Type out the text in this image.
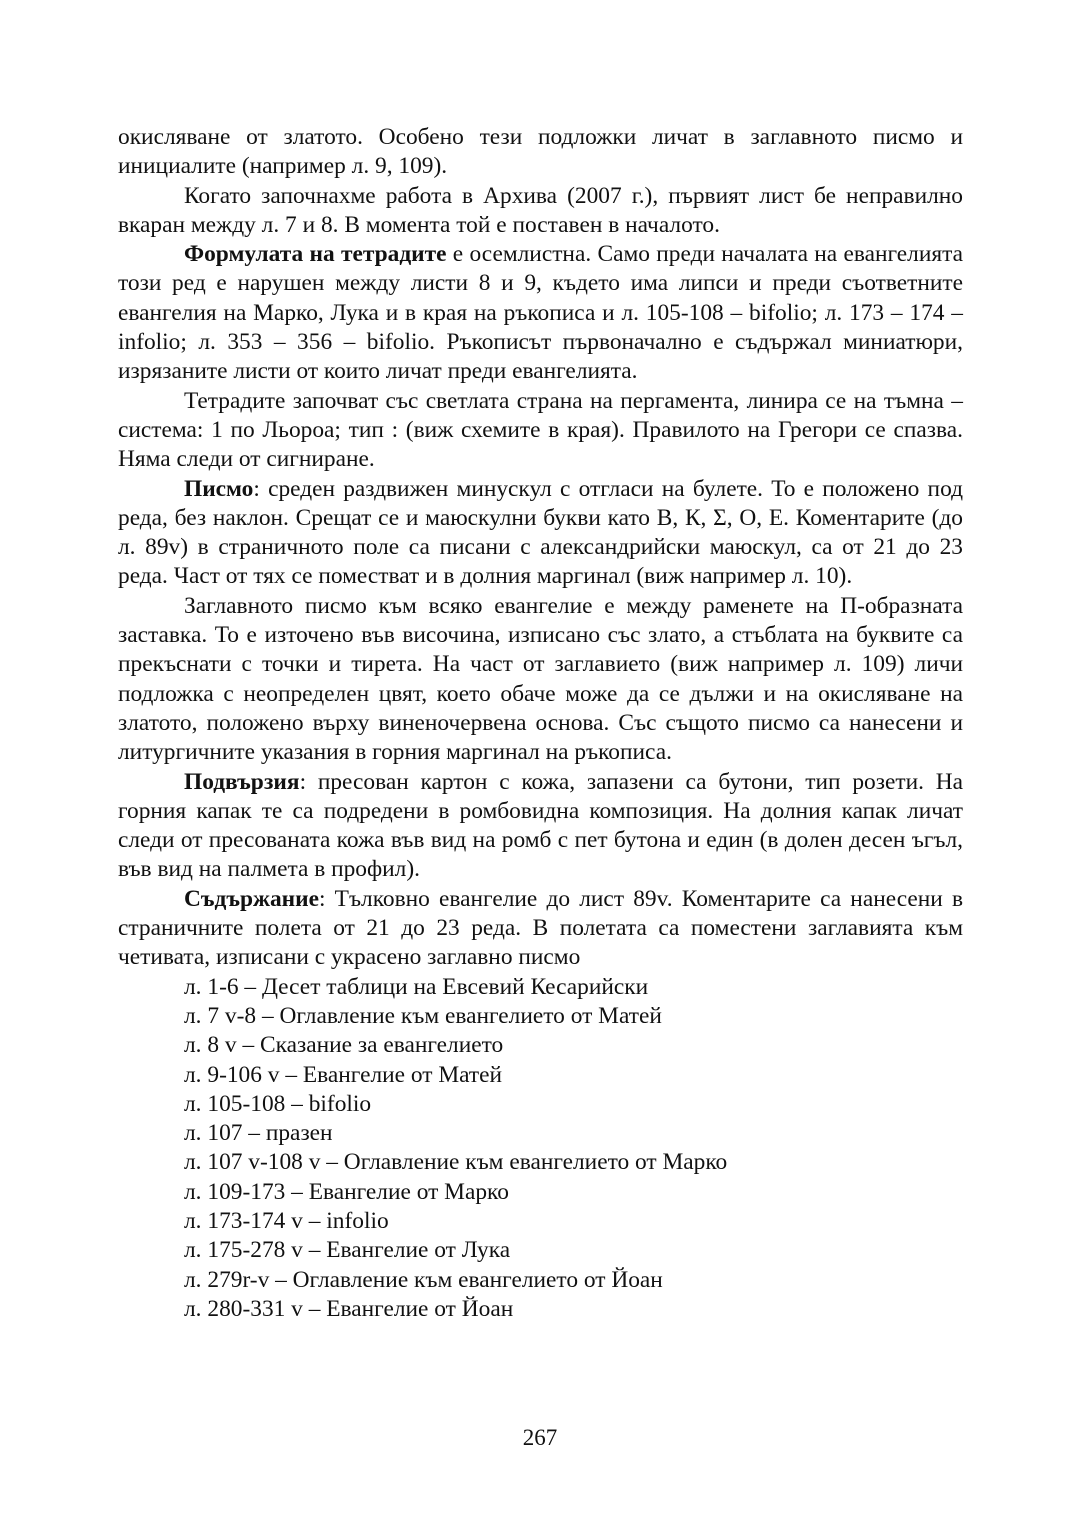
окисляване от златото. Особено тези подложки личат в заглавното писмо и инициалите (например л. 9, 109).

Когато започнахме работа в Архива (2007 г.), първият лист бе неправилно вкаран между л. 7 и 8. В момента той е поставен в началото.

Формулата на тетрадите е осемлистна. Само преди началата на евангелията този ред е нарушен между листи 8 и 9, където има липси и преди съответните евангелия на Марко, Лука и в края на ръкописа и л. 105-108 – bifolio; л. 173 – 174 – infolio; л. 353 – 356 – bifolio. Ръкописът първоначално е съдържал миниатюри, изрязаните листи от които личат преди евангелията.

Тетрадите започват със светлата страна на пергамента, линира се на тъмна – система: 1 по Льороа; тип : (виж схемите в края). Правилото на Грегори се спазва. Няма следи от сигниране.

Писмо: среден раздвижен минускул с отгласи на булете. То е положено под реда, без наклон. Срещат се и маюскулни букви като В, К, Σ, О, Е. Коментарите (до л. 89v) в страничното поле са писани с александрийски маюскул, са от 21 до 23 реда. Част от тях се поместват и в долния маргинал (виж например л. 10).

Заглавното писмо към всяко евангелие е между раменете на П-образната заставка. То е източено във височина, изписано със злато, а стъблата на буквите са прекъснати с точки и тирета. На част от заглавието (виж например л. 109) личи подложка с неопределен цвят, което обаче може да се дължи и на окисляване на златото, положено върху виненочервена основа. Със същото писмо са нанесени и литургичните указания в горния маргинал на ръкописа.

Подвързия: пресован картон с кожа, запазени са бутони, тип розети. На горния капак те са подредени в ромбовидна композиция. На долния капак личат следи от пресованата кожа във вид на ромб с пет бутона и един (в долен десен ъгъл, във вид на палмета в профил).

Съдържание: Тълковно евангелие до лист 89v. Коментарите са нанесени в страничните полета от 21 до 23 реда. В полетата са поместени заглавията към четивата, изписани с украсено заглавно писмо

л. 1-6 – Десет таблици на Евсевий Кесарийски
л. 7 v-8 – Оглавление към евангелието от Матей
л. 8 v – Сказание за евангелието
л. 9-106 v – Евангелие от Матей
л. 105-108 – bifolio
л. 107 – празен
л. 107 v-108 v – Оглавление към евангелието от Марко
л. 109-173 – Евангелие от Марко
л. 173-174 v – infolio
л. 175-278 v – Евангелие от Лука
л. 279r-v – Оглавление към евангелието от Йоан
л. 280-331 v – Евангелие от Йоан
267
